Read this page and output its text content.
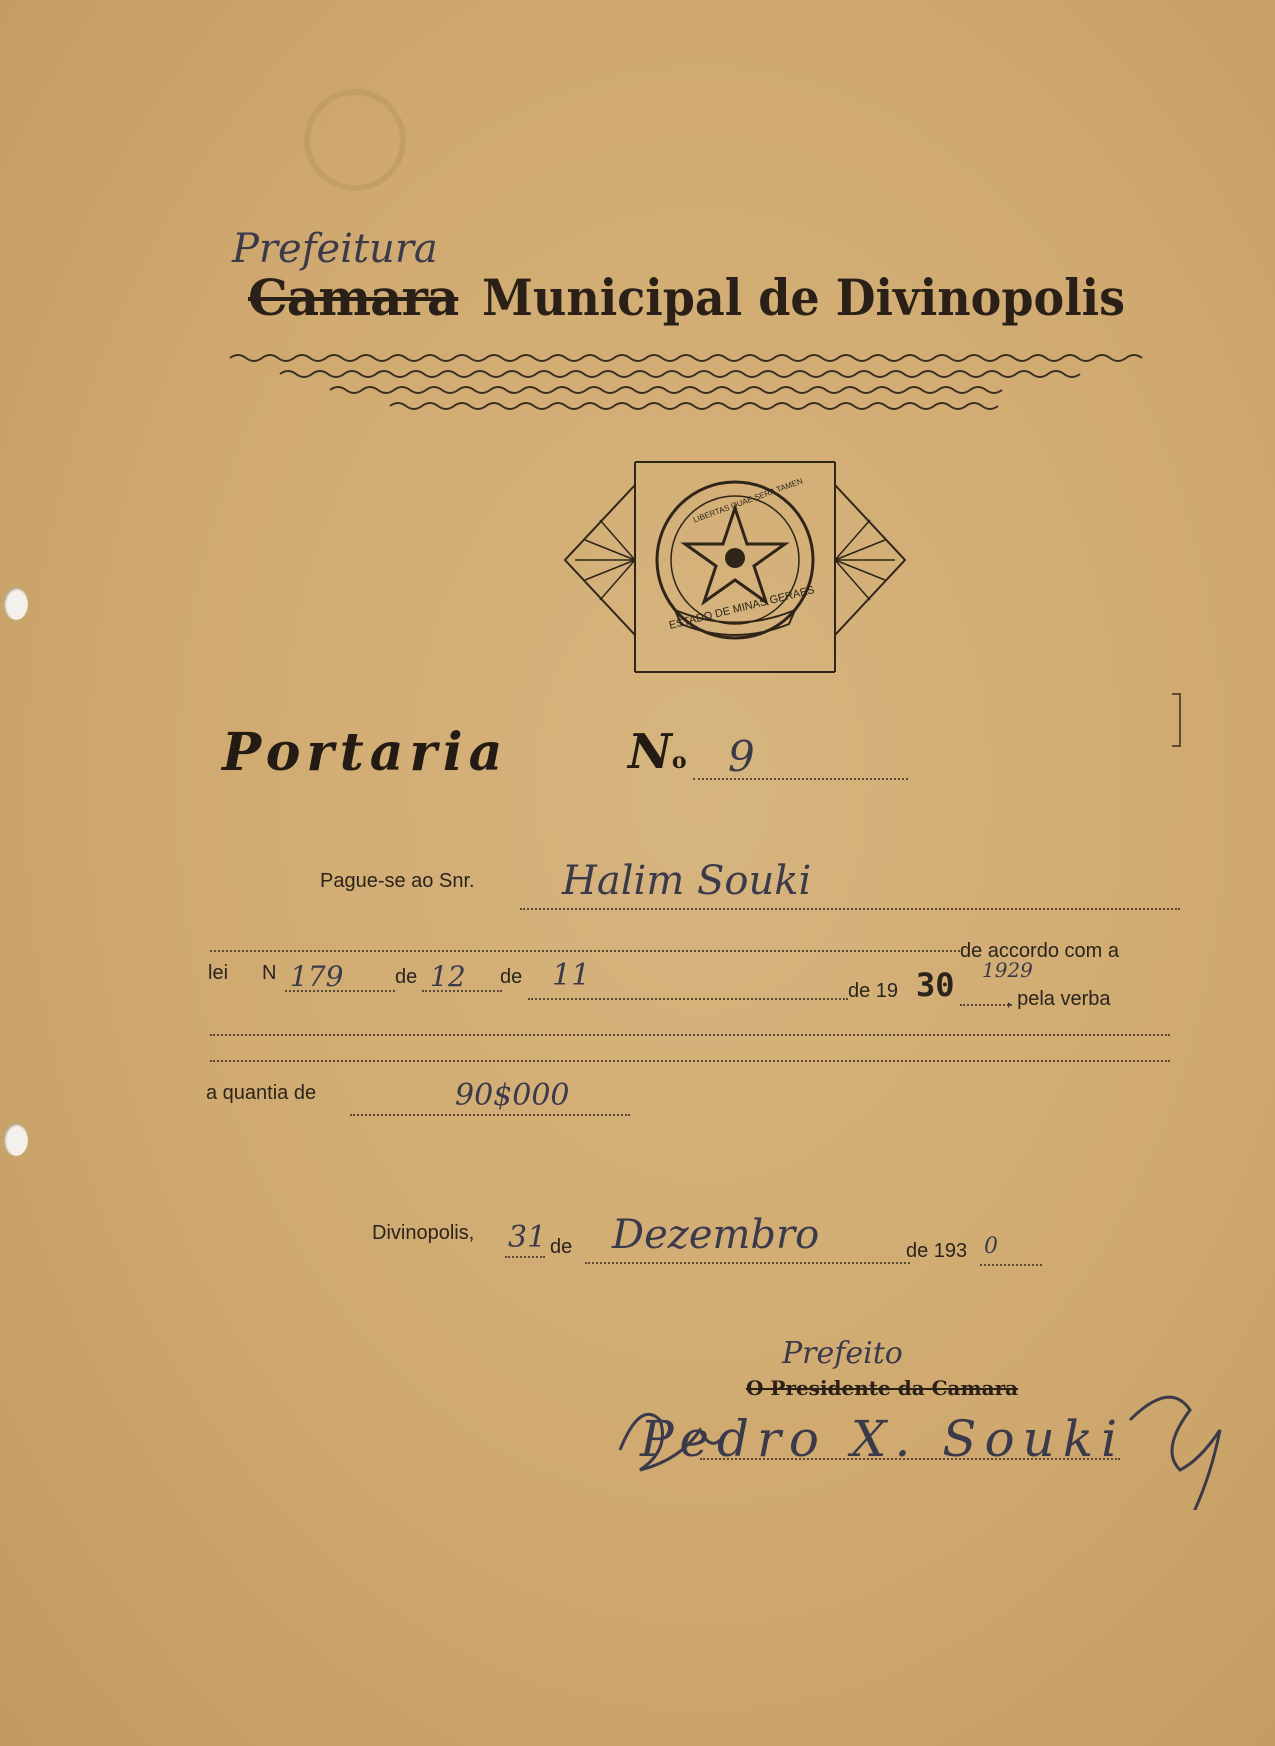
Prefeitura
Camara Municipal de Divinopolis
ESTADO DE MINAS GERAES
LIBERTAS QUAE SERA TAMEN
Portaria No 9
Pague-se ao Snr. Halim Souki
de accordo com a
lei N 179	de 12 de 11	de 19 30 1929
, pela verba
a quantia de	90$000
Divinopolis, 31 de Dezembro	de 193 0
Prefeito
O Presidente da Camara
Pedro X. Souki
